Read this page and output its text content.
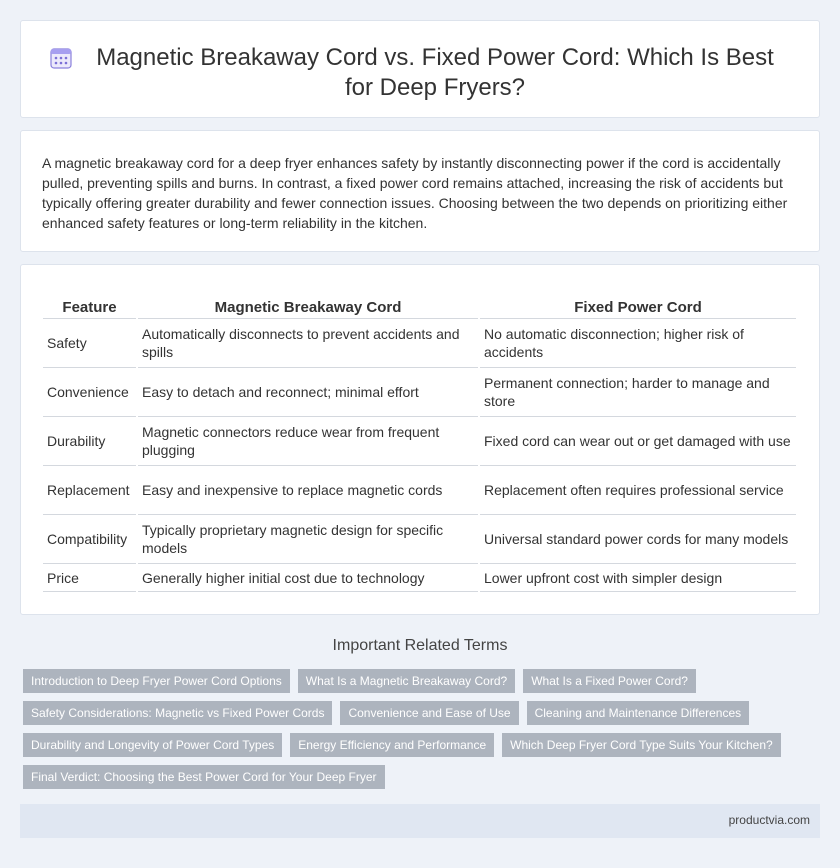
Magnetic Breakaway Cord vs. Fixed Power Cord: Which Is Best for Deep Fryers?

A magnetic breakaway cord for a deep fryer enhances safety by instantly disconnecting power if the cord is accidentally pulled, preventing spills and burns. In contrast, a fixed power cord remains attached, increasing the risk of accidents but typically offering greater durability and fewer connection issues. Choosing between the two depends on prioritizing either enhanced safety features or long-term reliability in the kitchen.

Feature	Magnetic Breakaway Cord	Fixed Power Cord
Safety	Automatically disconnects to prevent accidents and spills	No automatic disconnection; higher risk of accidents
Convenience	Easy to detach and reconnect; minimal effort	Permanent connection; harder to manage and store
Durability	Magnetic connectors reduce wear from frequent plugging	Fixed cord can wear out or get damaged with use
Replacement	Easy and inexpensive to replace magnetic cords	Replacement often requires professional service
Compatibility	Typically proprietary magnetic design for specific models	Universal standard power cords for many models
Price	Generally higher initial cost due to technology	Lower upfront cost with simpler design
Important Related Terms
Introduction to Deep Fryer Power Cord Options	What Is a Magnetic Breakaway Cord?	What Is a Fixed Power Cord?
Safety Considerations: Magnetic vs Fixed Power Cords	Convenience and Ease of Use	Cleaning and Maintenance Differences
Durability and Longevity of Power Cord Types	Energy Efficiency and Performance	Which Deep Fryer Cord Type Suits Your Kitchen?
Final Verdict: Choosing the Best Power Cord for Your Deep Fryer
productvia.com
